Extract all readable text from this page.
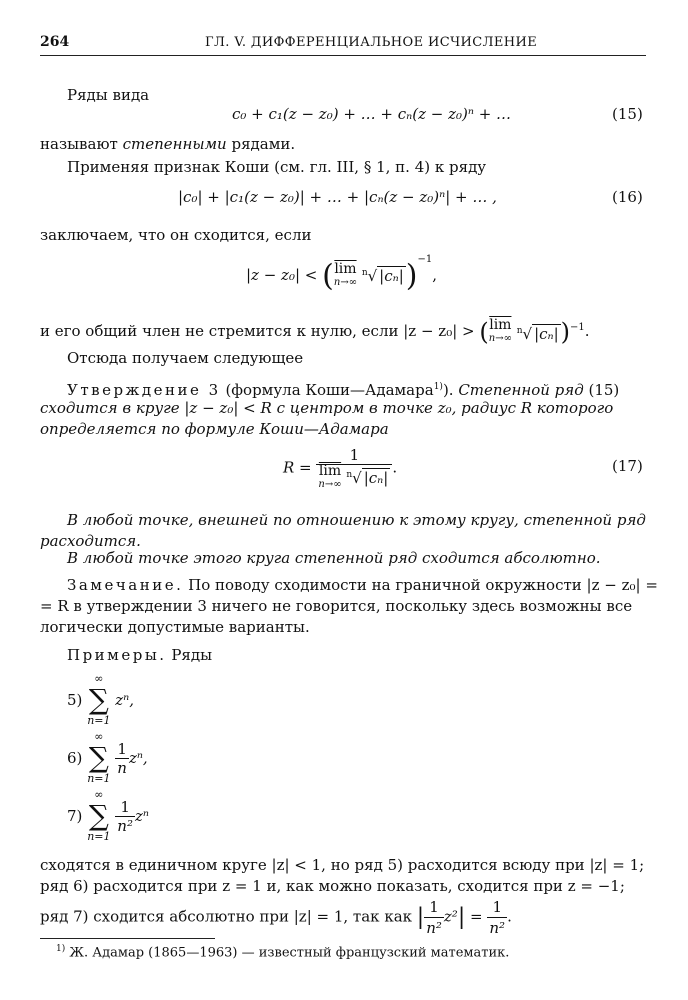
264	ГЛ. V. ДИФФЕРЕНЦИАЛЬНОЕ ИСЧИСЛЕНИЕ
Ряды вида
c₀ + c₁(z − z₀) + … + cₙ(z − z₀)ⁿ + …	(15)
называют степенными рядами.
Применяя признак Коши (см. гл. III, § 1, п. 4) к ряду
|c₀| + |c₁(z − z₀)| + … + |cₙ(z − z₀)ⁿ| + … ,	(16)
заключаем, что он сходится, если
|z − z₀| < ( $\overline{lim}$
n→∞
$^n$√ |cₙ|)$^{-1}$,
и его общий член не стремится к нулю, если |z − z₀| > ( $\overline{lim}$
n→∞
$^n$√ |cₙ|)$^{-1}$.
Отсюда получаем следующее
Утверждение 3 (формула Коши—Адамара$^{1)}$). Степенной ряд (15)
сходится в круге |z − z₀| < R с центром в точке z₀, радиус R которого
определяется по формуле Коши—Адамара
R = 1
$\overline{lim}$
n→∞
$^n$√ |cₙ| .	(17)
В любой точке, внешней по отношению к этому кругу, степенной ряд
расходится.
В любой точке этого круга степенной ряд сходится абсолютно.
Замечание. По поводу сходимости на граничной окружности |z − z₀| =
= R в утверждении 3 ничего не говорится, поскольку здесь возможны все
логически допустимые варианты.
Примеры. Ряды
5)
∞
∑
n=1
zⁿ,
6)
∞
∑
n=1

$\frac{1}{n} z^n$,
7)
∞
∑
n=1

$\frac{1}{\text{n²}}$ zⁿ
сходятся в единичном круге |z| < 1, но ряд 5) расходится всюду при |z| = 1;
ряд 6) расходится при z = 1 и, как можно показать, сходится при z = −1;
ряд 7) сходится абсолютно при |z| = 1, так как | $\frac{1}{\text{n²}} z^2| = \frac{1}{\text{n²}}$ .
$^{1)}$ Ж. Адамар (1865—1963) — известный французский математик.
